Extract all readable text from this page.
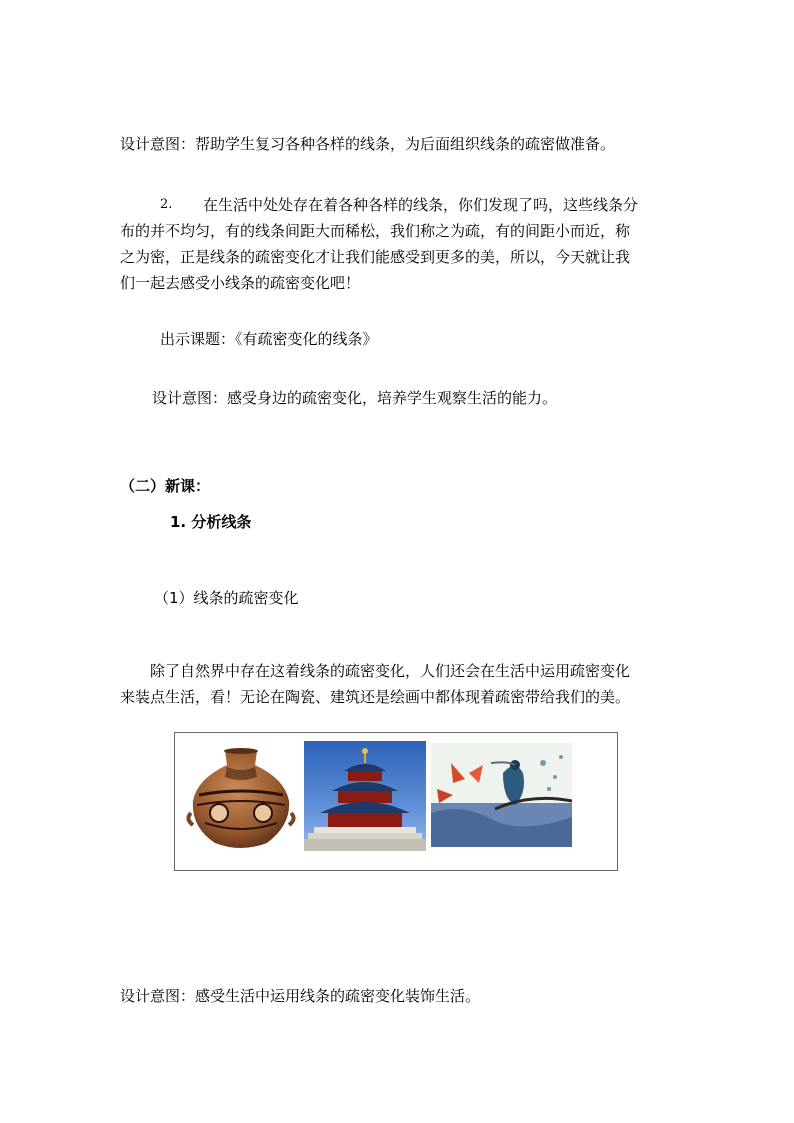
设计意图：帮助学生复习各种各样的线条，为后面组织线条的疏密做准备。

2.	在生活中处处存在着各种各样的线条，你们发现了吗，这些线条分
布的并不均匀，有的线条间距大而稀松，我们称之为疏，有的间距小而近，称
之为密，正是线条的疏密变化才让我们能感受到更多的美，所以，今天就让我
们一起去感受小线条的疏密变化吧！

出示课题：《有疏密变化的线条》

设计意图：感受身边的疏密变化，培养学生观察生活的能力。

（二）新课：

1. 分析线条

（1）线条的疏密变化

除了自然界中存在这着线条的疏密变化，人们还会在生活中运用疏密变化
来装点生活，看！无论在陶瓷、建筑还是绘画中都体现着疏密带给我们的美。

设计意图：感受生活中运用线条的疏密变化装饰生活。
